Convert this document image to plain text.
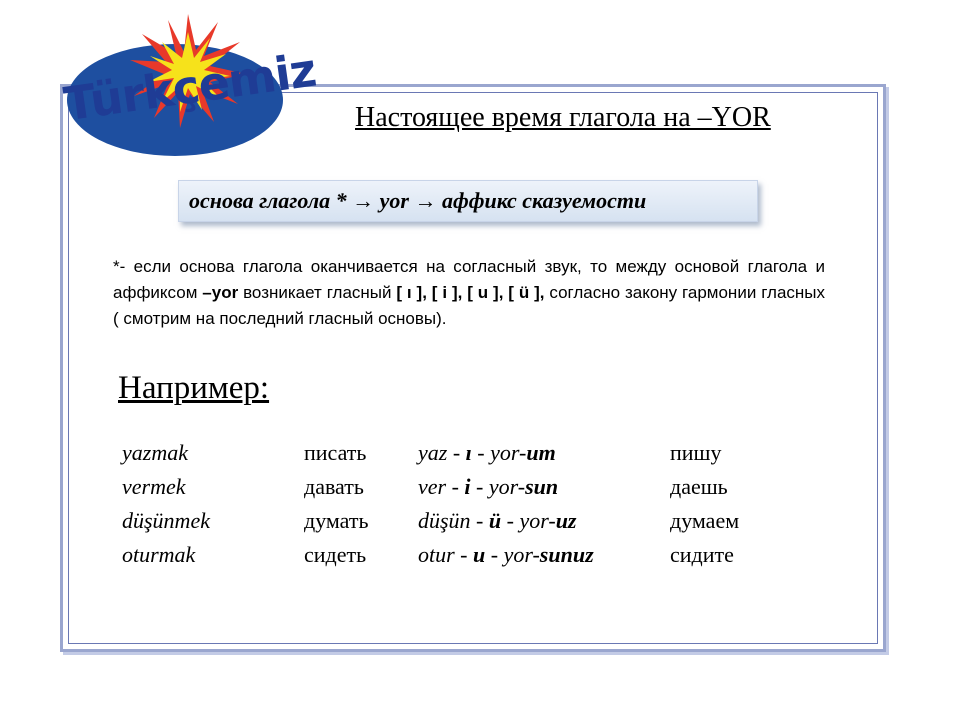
Türkçemiz Настоящее время глагола на –YOR
основа глагола * → yor → аффикс сказуемости
*- если основа глагола оканчивается на согласный звук, то между основой глагола и аффиксом –yor возникает гласный [ ı ], [ i ], [ u ], [ ü ], согласно закону гармонии гласных ( смотрим на последний гласный основы).
Например:
yazmak	писать	yaz - ı - yor-um	пишу
vermek	давать	ver - i - yor-sun	даешь
düşünmek	думать	düşün - ü - yor-uz	думаем
oturmak	сидеть	otur - u - yor-sunuz	сидите
